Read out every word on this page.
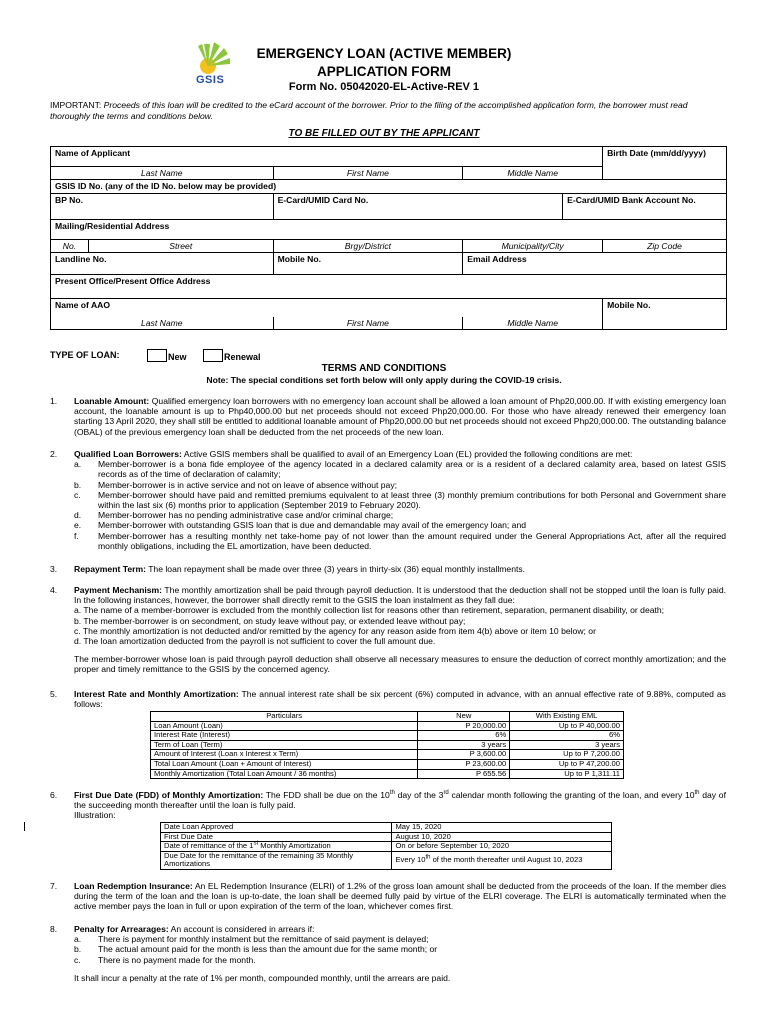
GSIS
EMERGENCY LOAN (ACTIVE MEMBER)
APPLICATION FORM
Form No. 05042020-EL-Active-REV 1
IMPORTANT: Proceeds of this loan will be credited to the eCard account of the borrower. Prior to the filing of the accomplished application form, the borrower must read thoroughly the terms and conditions below.
TO BE FILLED OUT BY THE APPLICANT
Name of Applicant					Birth Date (mm/dd/yyyy)
Last Name		First Name	Middle Name		
GSIS ID No. (any of the ID No. below may be provided)					
BP No.		E-Card/UMID Card No.		E-Card/UMID Bank Account No.	
Mailing/Residential Address					
No.	Street	Brgy/District	Municipality/City		Zip Code
Landline No.		Mobile No.	Email Address		
Present Office/Present Office Address					
Name of AAO					Mobile No.
Last Name		First Name	Middle Name		
TYPE OF LOAN:	New	Renewal
TERMS AND CONDITIONS
Note: The special conditions set forth below will only apply during the COVID-19 crisis.
1. Loanable Amount: Qualified emergency loan borrowers with no emergency loan account shall be allowed a loan amount of Php20,000.00. If with existing emergency loan account, the loanable amount is up to Php40,000.00 but net proceeds should not exceed Php20,000.00. For those who have already renewed their emergency loan starting 13 April 2020, they shall still be entitled to additional loanable amount of Php20,000.00 but net proceeds should not exceed Php20,000.00. The outstanding balance (OBAL) of the previous emergency loan shall be deducted from the net proceeds of the new loan.
2. Qualified Loan Borrowers: Active GSIS members shall be qualified to avail of an Emergency Loan (EL) provided the following conditions are met:
a. Member-borrower is a bona fide employee of the agency located in a declared calamity area or is a resident of a declared calamity area, based on latest GSIS records as of the time of declaration of calamity;
b. Member-borrower is in active service and not on leave of absence without pay;
c. Member-borrower should have paid and remitted premiums equivalent to at least three (3) monthly premium contributions for both Personal and Government share within the last six (6) months prior to application (September 2019 to February 2020).
d. Member-borrower has no pending administrative case and/or criminal charge;
e. Member-borrower with outstanding GSIS loan that is due and demandable may avail of the emergency loan; and
f. Member-borrower has a resulting monthly net take-home pay of not lower than the amount required under the General Appropriations Act, after all the required monthly obligations, including the EL amortization, have been deducted.
3. Repayment Term: The loan repayment shall be made over three (3) years in thirty-six (36) equal monthly installments.
4. Payment Mechanism: The monthly amortization shall be paid through payroll deduction. It is understood that the deduction shall not be stopped until the loan is fully paid. In the following instances, however, the borrower shall directly remit to the GSIS the loan instalment as they fall due:
a. The name of a member-borrower is excluded from the monthly collection list for reasons other than retirement, separation, permanent disability, or death;
b. The member-borrower is on secondment, on study leave without pay, or extended leave without pay;
c. The monthly amortization is not deducted and/or remitted by the agency for any reason aside from item 4(b) above or item 10 below; or
d. The loan amortization deducted from the payroll is not sufficient to cover the full amount due.
The member-borrower whose loan is paid through payroll deduction shall observe all necessary measures to ensure the deduction of correct monthly amortization; and the proper and timely remittance to the GSIS by the concerned agency.
5. Interest Rate and Monthly Amortization: The annual interest rate shall be six percent (6%) computed in advance, with an annual effective rate of 9.88%, computed as follows:
Particulars	New	With Existing EML
Loan Amount (Loan)	P 20,000.00	Up to P 40,000.00
Interest Rate (Interest)	6%	6%
Term of Loan (Term)	3 years	3 years
Amount of Interest (Loan x Interest x Term)	P 3,600.00	Up to P 7,200.00
Total Loan Amount (Loan + Amount of Interest)	P 23,600.00	Up to P 47,200.00
Monthly Amortization (Total Loan Amount / 36 months)	P 655.56	Up to P 1,311.11
6. First Due Date (FDD) of Monthly Amortization: The FDD shall be due on the 10th day of the 3rd calendar month following the granting of the loan, and every 10th day of the succeeding month thereafter until the loan is fully paid.
Illustration:
Date Loan Approved	May 15, 2020
First Due Date	August 10, 2020
Date of remittance of the 1st Monthly Amortization	On or before September 10, 2020
Due Date for the remittance of the remaining 35 Monthly Amortizations	Every 10th of the month thereafter until August 10, 2023
7. Loan Redemption Insurance: An EL Redemption Insurance (ELRI) of 1.2% of the gross loan amount shall be deducted from the proceeds of the loan. If the member dies during the term of the loan and the loan is up-to-date, the loan shall be deemed fully paid by virtue of the ELRI coverage. The ELRI is automatically terminated when the active member pays the loan in full or upon expiration of the term of the loan, whichever comes first.
8. Penalty for Arrearages: An account is considered in arrears if:
a. There is payment for monthly instalment but the remittance of said payment is delayed;
b. The actual amount paid for the month is less than the amount due for the same month; or
c. There is no payment made for the month.
It shall incur a penalty at the rate of 1% per month, compounded monthly, until the arrears are paid.
